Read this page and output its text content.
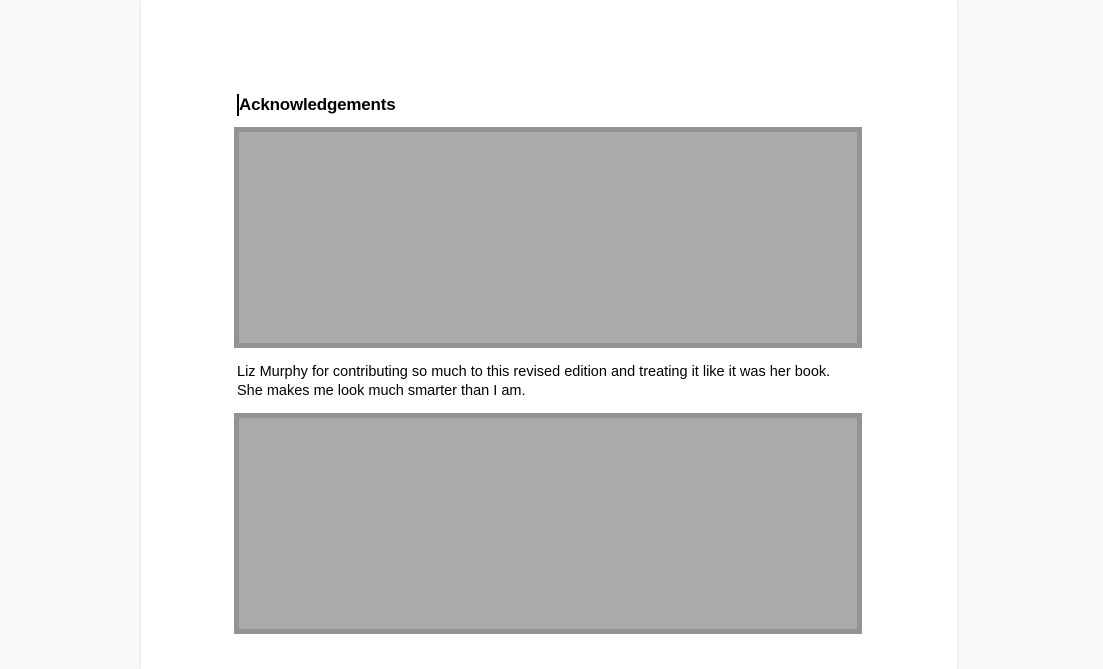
Acknowledgements

Liz Murphy for contributing so much to this revised edition and treating it like it was her book.
She makes me look much smarter than I am.
